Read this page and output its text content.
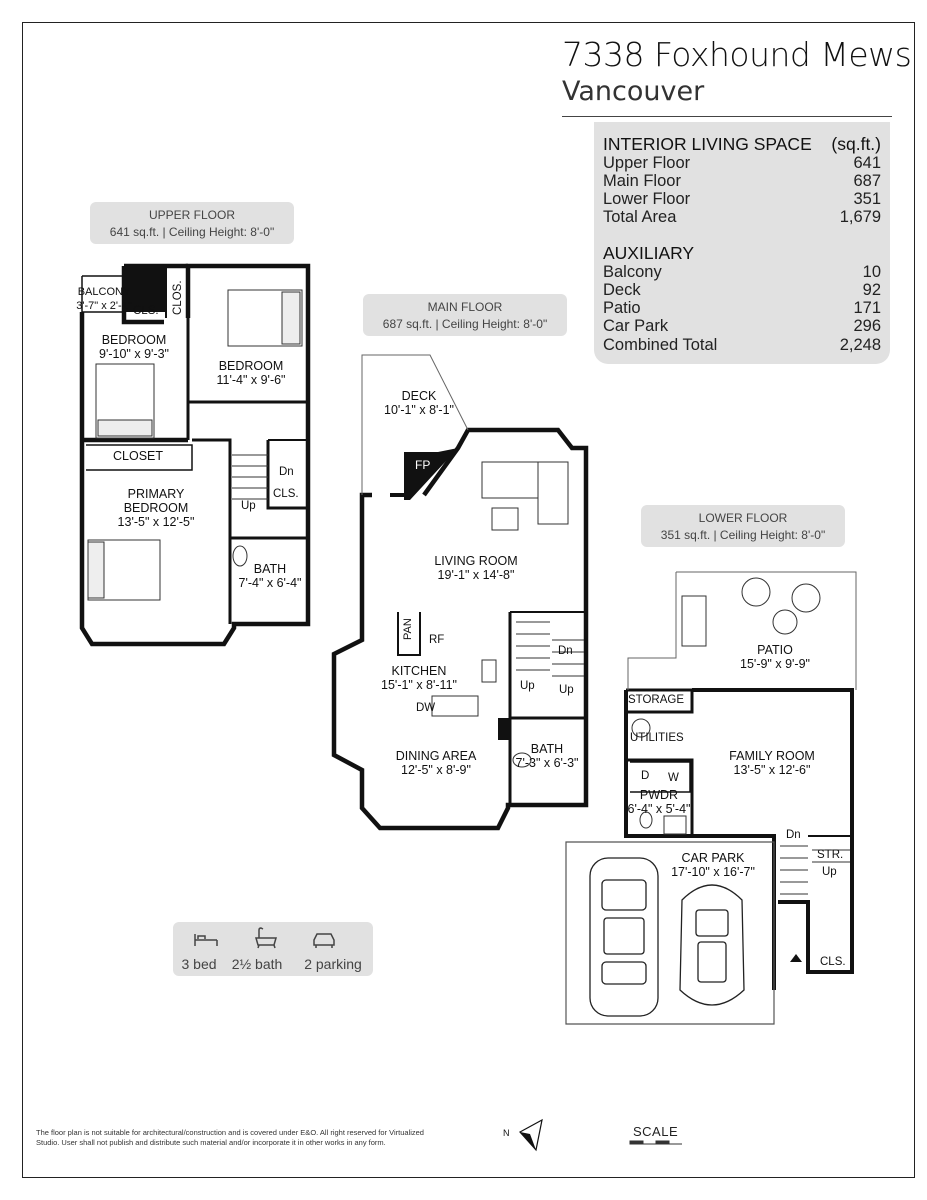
7338 Foxhound Mews
Vancouver
INTERIOR LIVING SPACE (sq.ft.)
Upper Floor	641
Main Floor	687
Lower Floor	351
Total Area	1,679
AUXILIARY
Balcony	10
Deck	92
Patio	171
Car Park	296
Combined Total	2,248
UPPER FLOOR
641 sq.ft. | Ceiling Height: 8'-0"
MAIN FLOOR
687 sq.ft. | Ceiling Height: 8'-0"
LOWER FLOOR
351 sq.ft. | Ceiling Height: 8'-0"
BALCONY
3'-7" x 2'-1" CLS. CLOS.
BEDROOM
9'-10" x 9'-3"
BEDROOM
11'-4" x 9'-6"
CLOSET
Dn
CLS.
Up
PRIMARY
BEDROOM
13'-5" x 12'-5"
BATH
7'-4" x 6'-4"
DECK
10'-1" x 8'-1"
FP
LIVING ROOM
19'-1" x 14'-8"
PAN RF
Dn
KITCHEN
15'-1" x 8'-11"	Up Up
DW
BATH
7'-3" x 6'-3"
DINING AREA
12'-5" x 8'-9"
PATIO
15'-9" x 9'-9"
STORAGE
UTILITIES
FAMILY ROOM
13'-5" x 12'-6"
D W
PWDR
6'-4" x 5'-4"
Dn
CAR PARK
17'-10" x 16'-7"
STR.
Up
CLS.
3 bed 2½ bath 2 parking
The floor plan is not suitable for architectural/construction and is covered under E&O. All right reserved for Virtualized Studio. User shall not publish and distribute such material and/or incorporate it in other works in any form.
N	SCALE
